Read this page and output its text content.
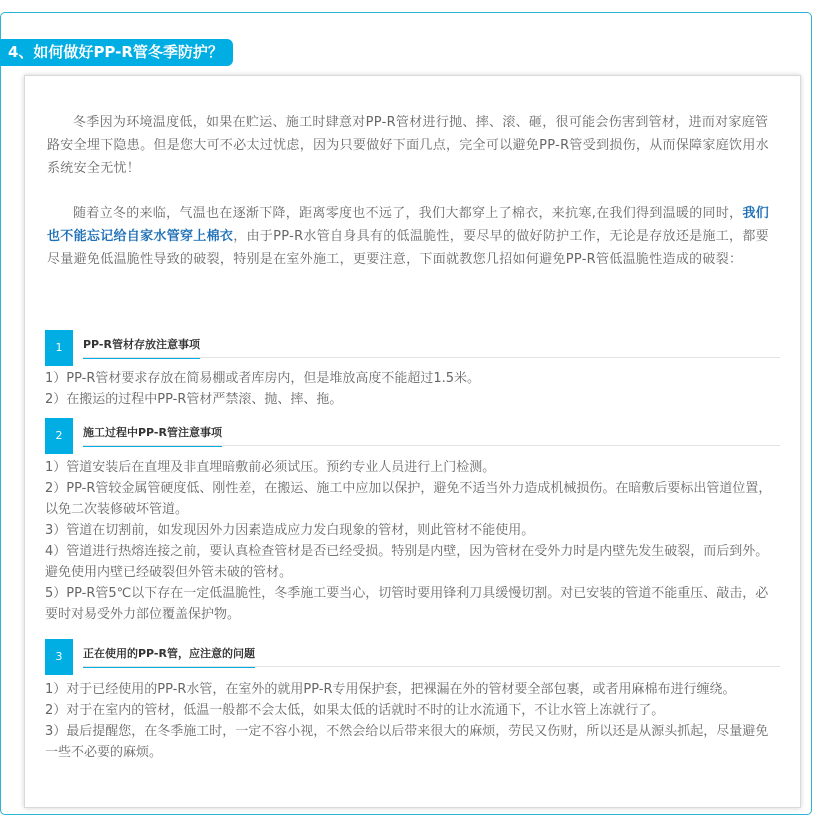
4、如何做好PP-R管冬季防护？

冬季因为环境温度低，如果在贮运、施工时肆意对PP-R管材进行抛、摔、滚、砸，很可能会伤害到管材，进而对家庭管路安全埋下隐患。但是您大可不必太过忧虑，因为只要做好下面几点，完全可以避免PP-R管受到损伤，从而保障家庭饮用水系统安全无忧！

随着立冬的来临，气温也在逐渐下降，距离零度也不远了，我们大都穿上了棉衣，来抗寒,在我们得到温暖的同时，我们也不能忘记给自家水管穿上棉衣，由于PP-R水管自身具有的低温脆性，要尽早的做好防护工作，无论是存放还是施工，都要尽量避免低温脆性导致的破裂，特别是在室外施工，更要注意，下面就教您几招如何避免PP-R管低温脆性造成的破裂：

1	PP-R管材存放注意事项
1）PP-R管材要求存放在简易棚或者库房内，但是堆放高度不能超过1.5米。
2）在搬运的过程中PP-R管材严禁滚、抛、摔、拖。
2	施工过程中PP-R管注意事项
1）管道安装后在直埋及非直埋暗敷前必须试压。预约专业人员进行上门检测。
2）PP-R管较金属管硬度低、刚性差，在搬运、施工中应加以保护，避免不适当外力造成机械损伤。在暗敷后要标出管道位置，以免二次装修破坏管道。
3）管道在切割前，如发现因外力因素造成应力发白现象的管材，则此管材不能使用。
4）管道进行热熔连接之前，要认真检查管材是否已经受损。特别是内壁，因为管材在受外力时是内壁先发生破裂，而后到外。避免使用内壁已经破裂但外管未破的管材。
5）PP-R管5℃以下存在一定低温脆性，冬季施工要当心，切管时要用锋利刀具缓慢切割。对已安装的管道不能重压、敲击，必要时对易受外力部位覆盖保护物。
3	正在使用的PP-R管，应注意的问题
1）对于已经使用的PP-R水管，在室外的就用PP-R专用保护套，把裸漏在外的管材要全部包裹，或者用麻棉布进行缠绕。
2）对于在室内的管材，低温一般都不会太低，如果太低的话就时不时的让水流通下，不让水管上冻就行了。
3）最后提醒您，在冬季施工时，一定不容小视，不然会给以后带来很大的麻烦，劳民又伤财，所以还是从源头抓起，尽量避免一些不必要的麻烦。
